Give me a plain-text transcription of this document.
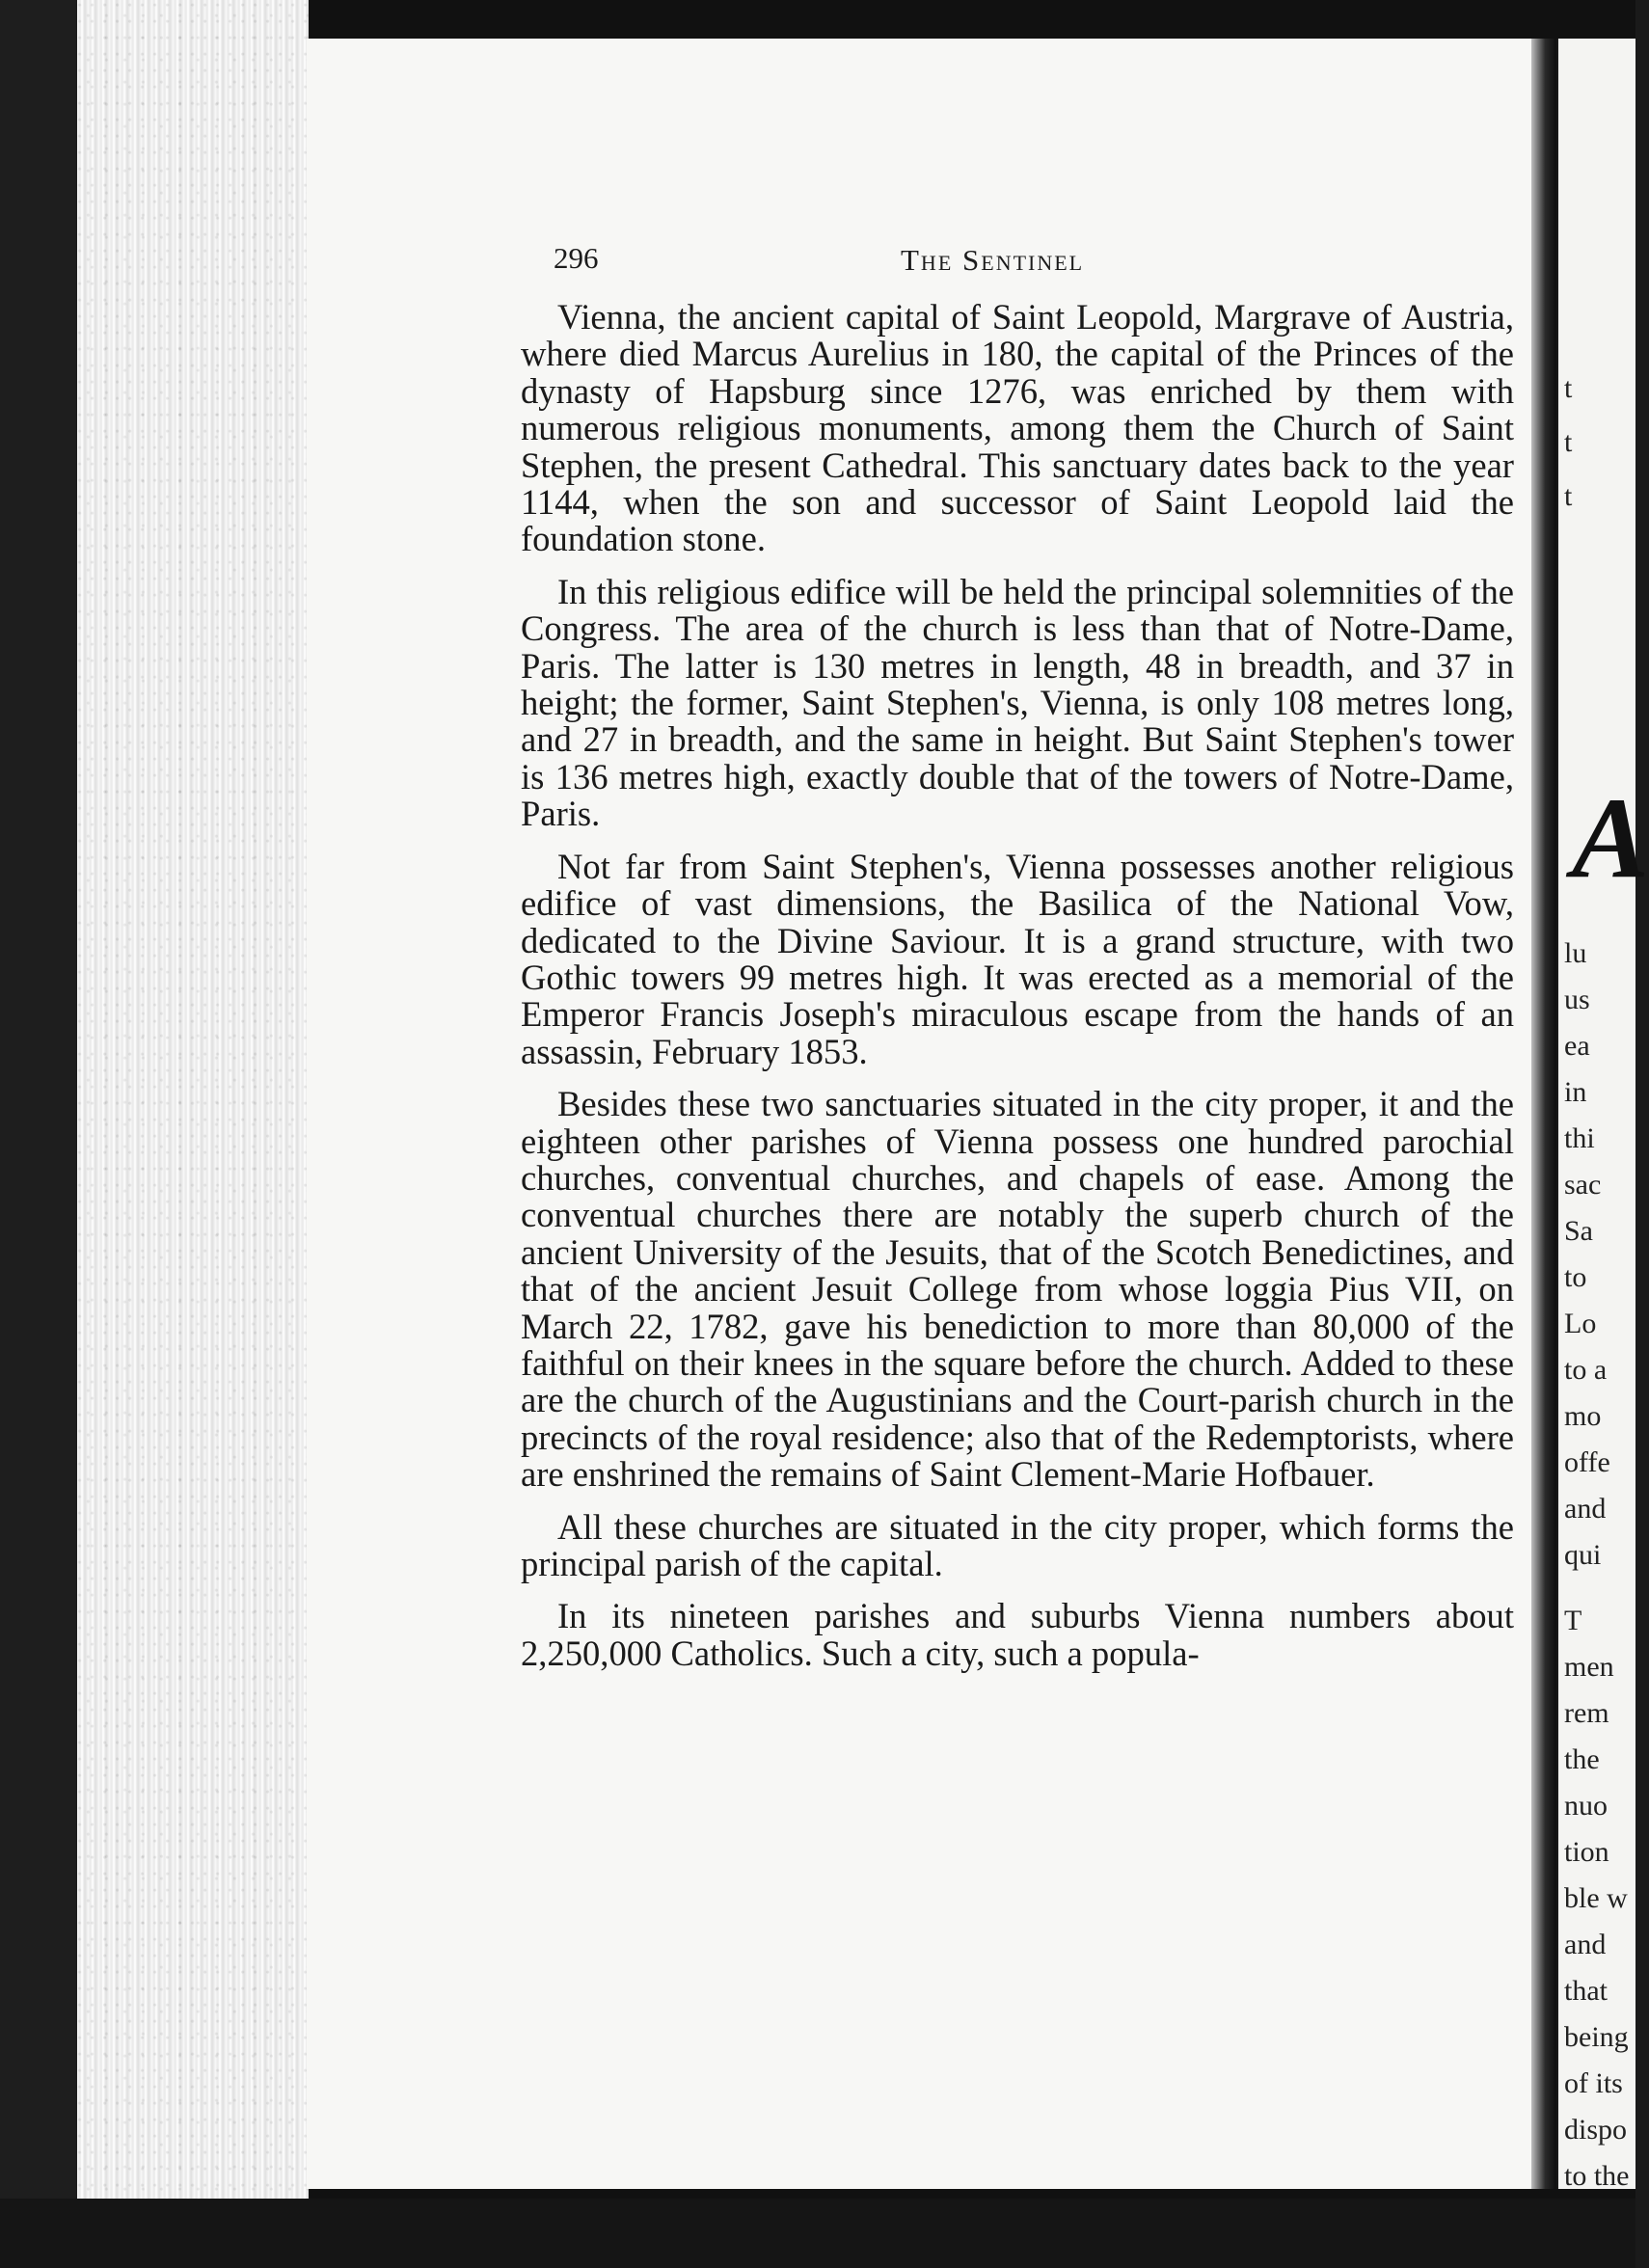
t
t
t
A
lu
us
ea
in
thi
sac
Sa
to
Lo
to a
mo
offe
and
qui
T
men
rem
the
nuo
tion
ble w
and
that
being
of its
dispo
to the
296	The Sentinel

Vienna, the ancient capital of Saint Leopold, Margrave of Austria, where died Marcus Aurelius in 180, the capital of the Princes of the dynasty of Hapsburg since 1276, was enriched by them with numerous religious monuments, among them the Church of Saint Stephen, the present Cathedral. This sanctuary dates back to the year 1144, when the son and successor of Saint Leopold laid the foundation stone.

In this religious edifice will be held the principal solemnities of the Congress. The area of the church is less than that of Notre-Dame, Paris. The latter is 130 metres in length, 48 in breadth, and 37 in height; the former, Saint Stephen's, Vienna, is only 108 metres long, and 27 in breadth, and the same in height. But Saint Stephen's tower is 136 metres high, exactly double that of the towers of Notre-Dame, Paris.

Not far from Saint Stephen's, Vienna possesses another religious edifice of vast dimensions, the Basilica of the National Vow, dedicated to the Divine Saviour. It is a grand structure, with two Gothic towers 99 metres high. It was erected as a memorial of the Emperor Francis Joseph's miraculous escape from the hands of an assassin, February 1853.

Besides these two sanctuaries situated in the city proper, it and the eighteen other parishes of Vienna possess one hundred parochial churches, conventual churches, and chapels of ease. Among the conventual churches there are notably the superb church of the ancient University of the Jesuits, that of the Scotch Benedictines, and that of the ancient Jesuit College from whose loggia Pius VII, on March 22, 1782, gave his benediction to more than 80,000 of the faithful on their knees in the square before the church. Added to these are the church of the Augustinians and the Court-parish church in the precincts of the royal residence; also that of the Redemptorists, where are enshrined the remains of Saint Clement-Marie Hofbauer.

All these churches are situated in the city proper, which forms the principal parish of the capital.

In its nineteen parishes and suburbs Vienna numbers about 2,250,000 Catholics. Such a city, such a popula-
